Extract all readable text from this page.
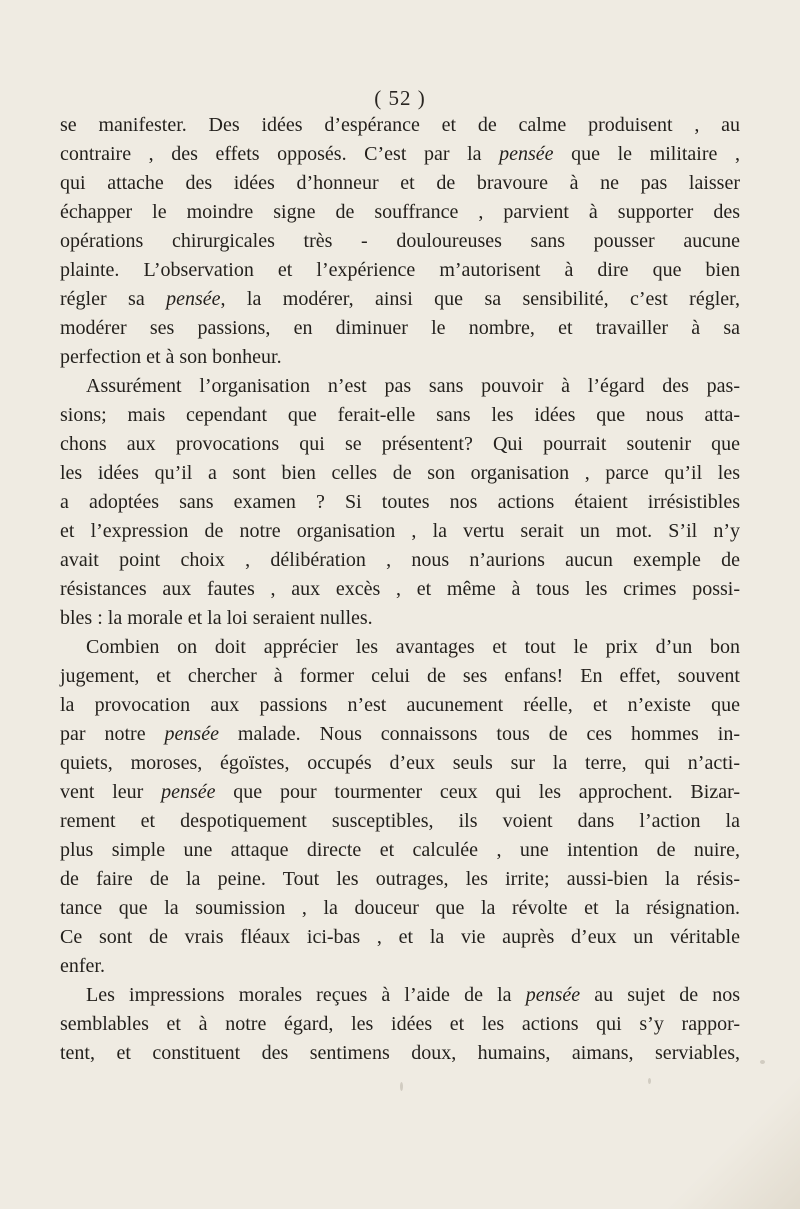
( 52 )
se manifester. Des idées d’espérance et de calme produisent , au
contraire , des effets opposés. C’est par la pensée que le militaire ,
qui attache des idées d’honneur et de bravoure à ne pas laisser
échapper le moindre signe de souffrance , parvient à supporter des
opérations chirurgicales très - douloureuses sans pousser aucune
plainte. L’observation et l’expérience m’autorisent à dire que bien
régler sa pensée, la modérer, ainsi que sa sensibilité, c’est régler,
modérer ses passions, en diminuer le nombre, et travailler à sa
perfection et à son bonheur.
Assurément l’organisation n’est pas sans pouvoir à l’égard des pas-
sions; mais cependant que ferait-elle sans les idées que nous atta-
chons aux provocations qui se présentent? Qui pourrait soutenir que
les idées qu’il a sont bien celles de son organisation , parce qu’il les
a adoptées sans examen ? Si toutes nos actions étaient irrésistibles
et l’expression de notre organisation , la vertu serait un mot. S’il n’y
avait point choix , délibération , nous n’aurions aucun exemple de
résistances aux fautes , aux excès , et même à tous les crimes possi-
bles : la morale et la loi seraient nulles.
Combien on doit apprécier les avantages et tout le prix d’un bon
jugement, et chercher à former celui de ses enfans! En effet, souvent
la provocation aux passions n’est aucunement réelle, et n’existe que
par notre pensée malade. Nous connaissons tous de ces hommes in-
quiets, moroses, égoïstes, occupés d’eux seuls sur la terre, qui n’acti-
vent leur pensée que pour tourmenter ceux qui les approchent. Bizar-
rement et despotiquement susceptibles, ils voient dans l’action la
plus simple une attaque directe et calculée , une intention de nuire,
de faire de la peine. Tout les outrages, les irrite; aussi-bien la résis-
tance que la soumission , la douceur que la révolte et la résignation.
Ce sont de vrais fléaux ici-bas , et la vie auprès d’eux un véritable
enfer.
Les impressions morales reçues à l’aide de la pensée au sujet de nos
semblables et à notre égard, les idées et les actions qui s’y rappor-
tent, et constituent des sentimens doux, humains, aimans, serviables,
